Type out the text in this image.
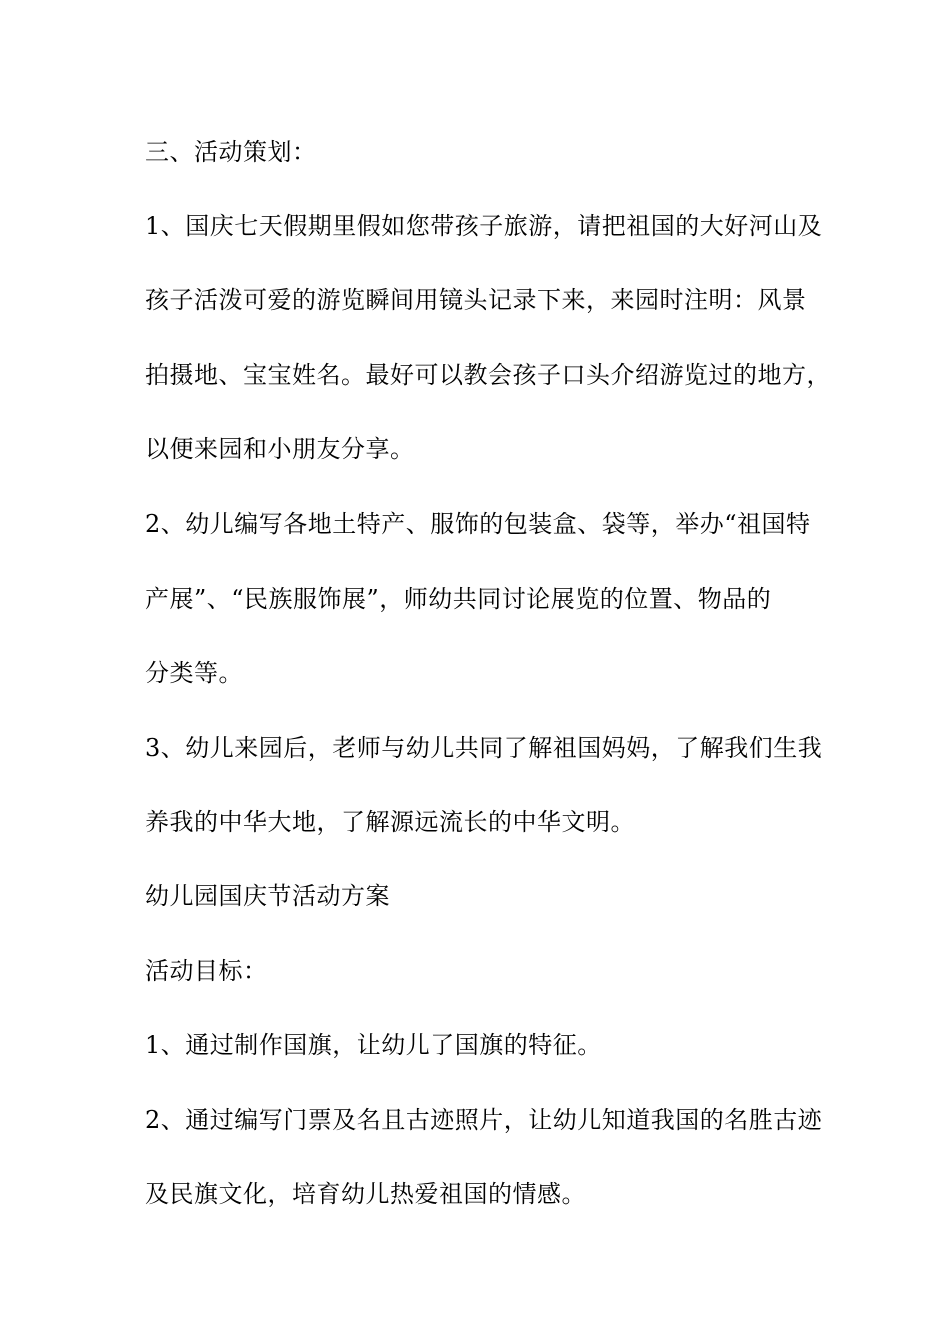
三、活动策划：
1、国庆七天假期里假如您带孩子旅游，请把祖国的大好河山及
孩子活泼可爱的游览瞬间用镜头记录下来，来园时注明：风景
拍摄地、宝宝姓名。最好可以教会孩子口头介绍游览过的地方，
以便来园和小朋友分享。
2、幼儿编写各地土特产、服饰的包装盒、袋等，举办“祖国特
产展”、“民族服饰展”，师幼共同讨论展览的位置、物品的
分类等。
3、幼儿来园后，老师与幼儿共同了解祖国妈妈，了解我们生我
养我的中华大地，了解源远流长的中华文明。
幼儿园国庆节活动方案
活动目标：
1、通过制作国旗，让幼儿了国旗的特征。
2、通过编写门票及名且古迹照片，让幼儿知道我国的名胜古迹
及民旗文化，培育幼儿热爱祖国的情感。
